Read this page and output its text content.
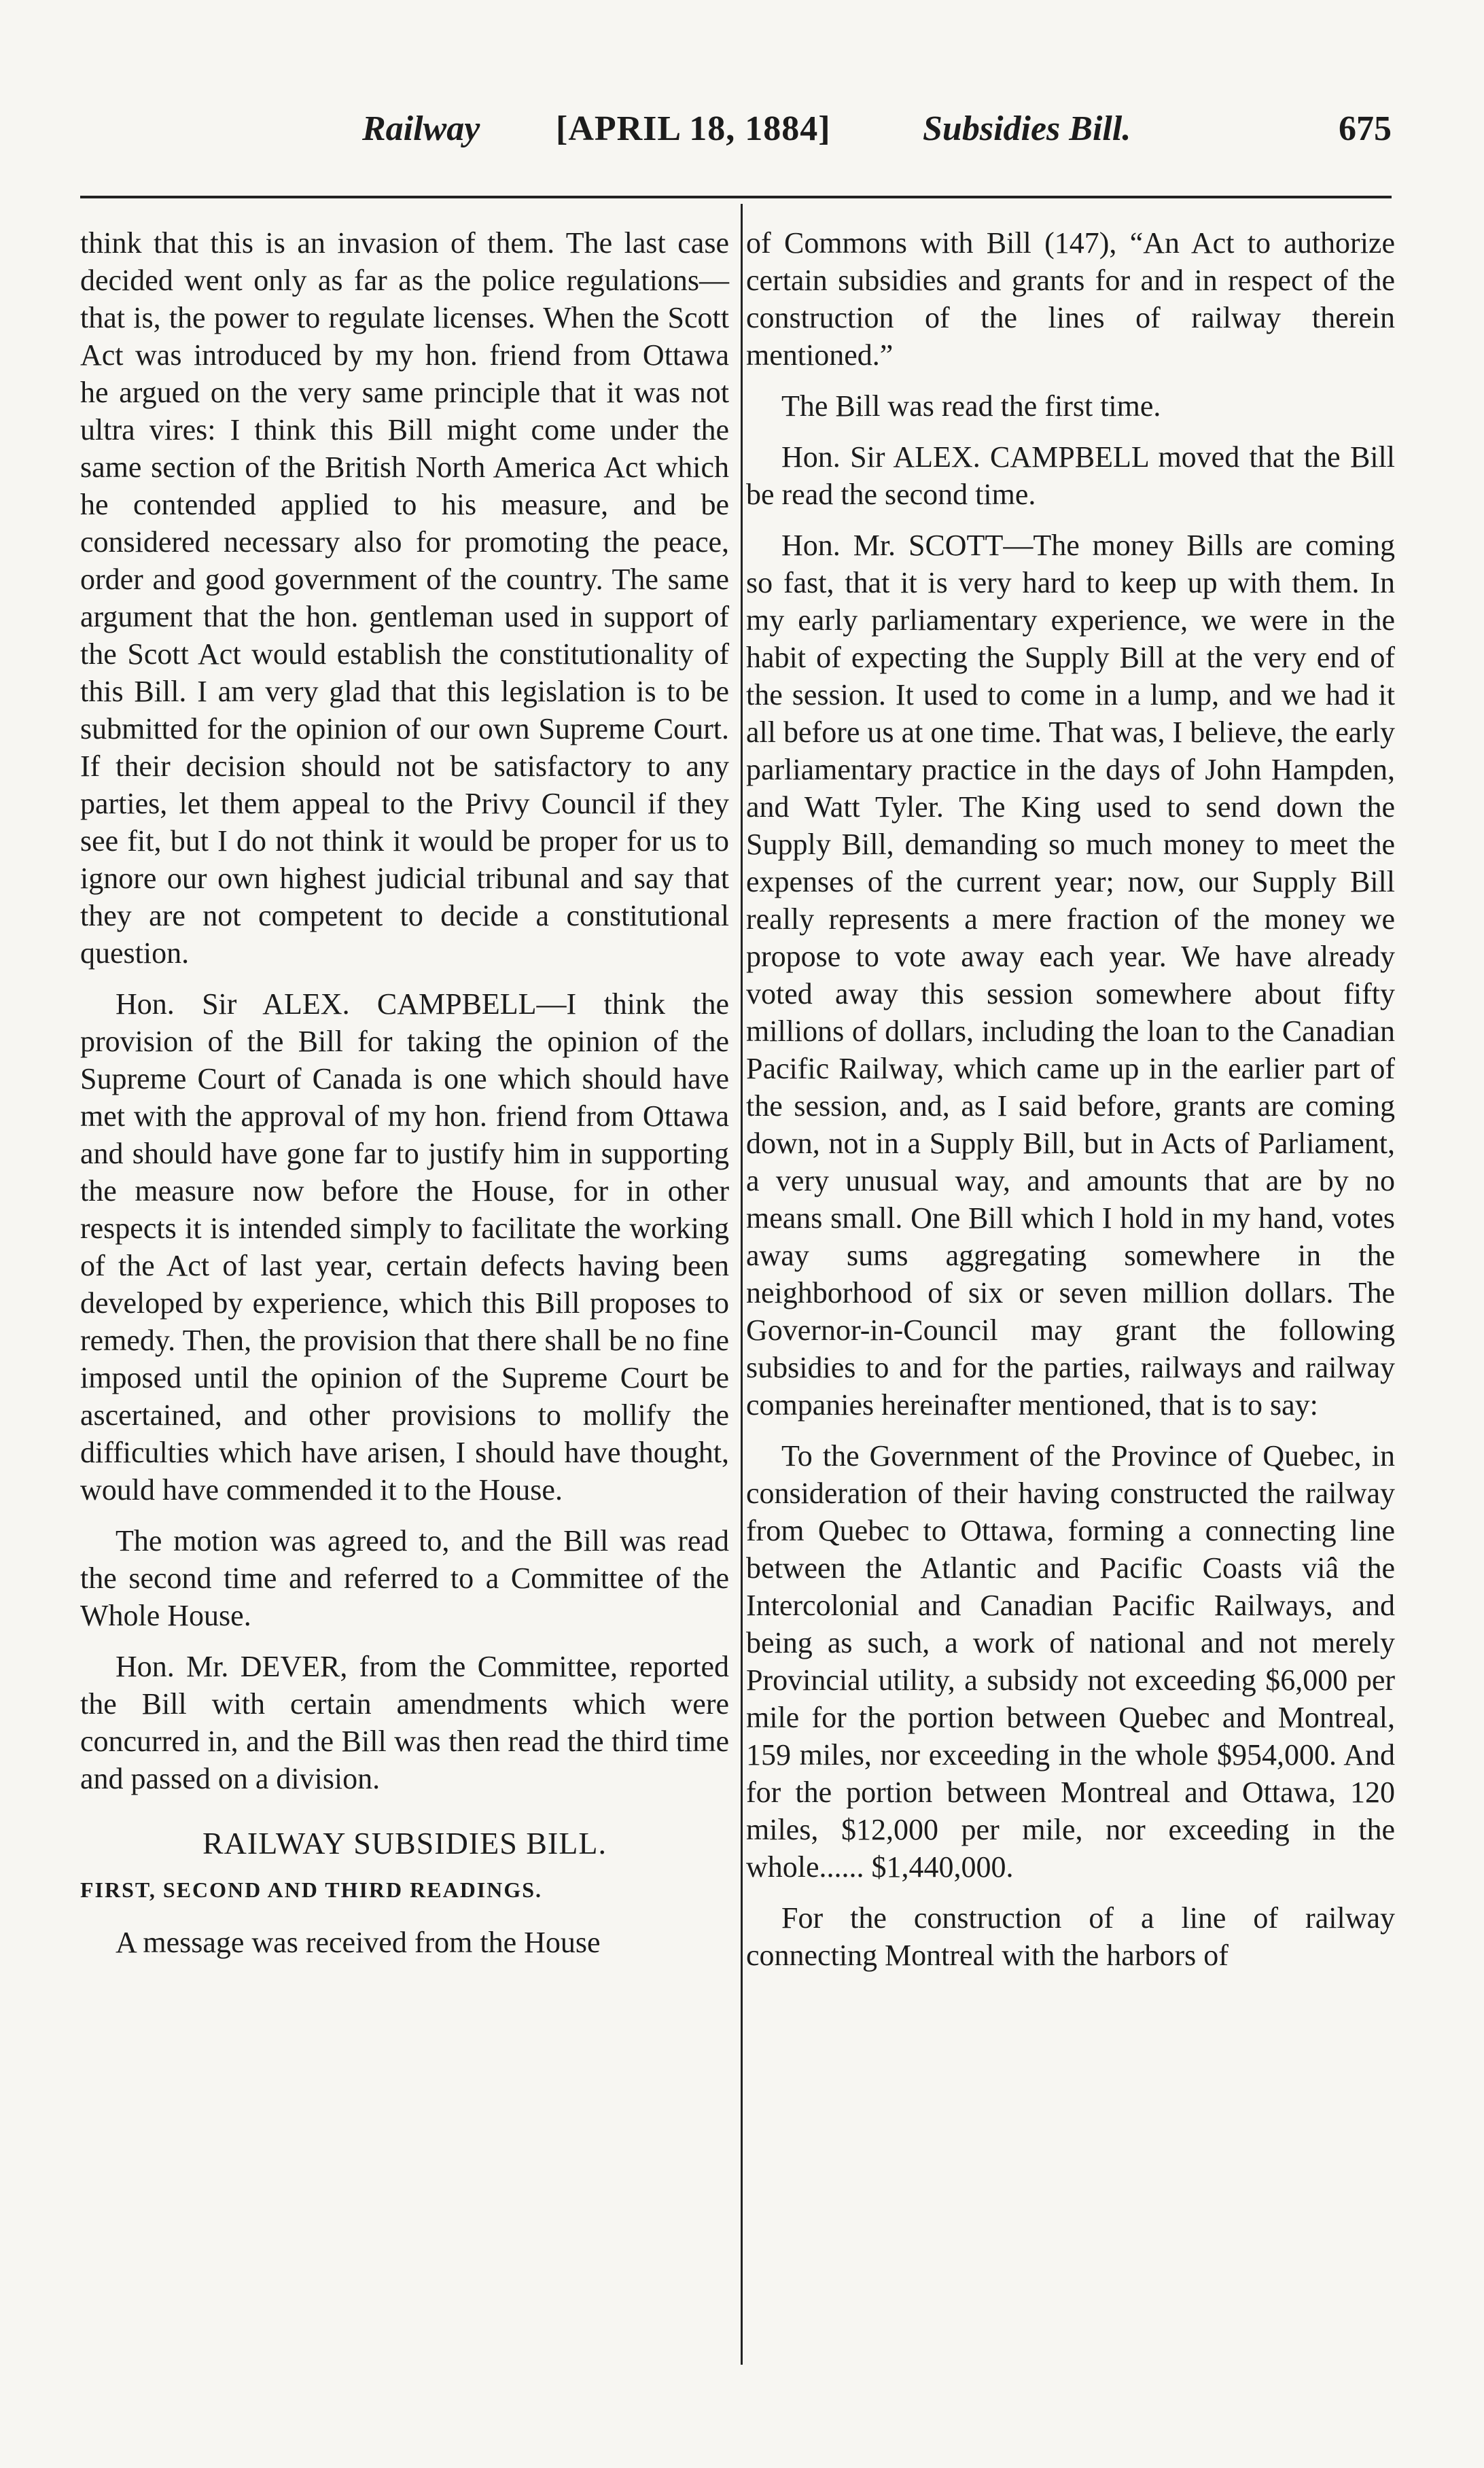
Railway [APRIL 18, 1884]	Subsidies Bill.	675

think that this is an invasion of them. The last case decided went only as far as the police regulations—that is, the power to regulate licenses. When the Scott Act was introduced by my hon. friend from Ottawa he argued on the very same principle that it was not ultra vires: I think this Bill might come under the same section of the British North America Act which he contended applied to his measure, and be considered necessary also for promoting the peace, order and good government of the country. The same argument that the hon. gentleman used in support of the Scott Act would establish the constitutionality of this Bill. I am very glad that this legislation is to be submitted for the opinion of our own Supreme Court. If their decision should not be satisfactory to any parties, let them appeal to the Privy Council if they see fit, but I do not think it would be proper for us to ignore our own highest judicial tribunal and say that they are not competent to decide a constitutional question.

Hon. Sir ALEX. CAMPBELL—I think the provision of the Bill for taking the opinion of the Supreme Court of Canada is one which should have met with the approval of my hon. friend from Ottawa and should have gone far to justify him in supporting the measure now before the House, for in other respects it is intended simply to facilitate the working of the Act of last year, certain defects having been developed by experience, which this Bill proposes to remedy. Then, the provision that there shall be no fine imposed until the opinion of the Supreme Court be ascertained, and other provisions to mollify the difficulties which have arisen, I should have thought, would have commended it to the House.

The motion was agreed to, and the Bill was read the second time and referred to a Committee of the Whole House.

Hon. Mr. DEVER, from the Committee, reported the Bill with certain amendments which were concurred in, and the Bill was then read the third time and passed on a division.

RAILWAY SUBSIDIES BILL.
FIRST, SECOND AND THIRD READINGS.

A message was received from the House

of Commons with Bill (147), “An Act to authorize certain subsidies and grants for and in respect of the construction of the lines of railway therein mentioned.”

The Bill was read the first time.

Hon. Sir ALEX. CAMPBELL moved that the Bill be read the second time.

Hon. Mr. SCOTT—The money Bills are coming so fast, that it is very hard to keep up with them. In my early parliamentary experience, we were in the habit of expecting the Supply Bill at the very end of the session. It used to come in a lump, and we had it all before us at one time. That was, I believe, the early parliamentary practice in the days of John Hampden, and Watt Tyler. The King used to send down the Supply Bill, demanding so much money to meet the expenses of the current year; now, our Supply Bill really represents a mere fraction of the money we propose to vote away each year. We have already voted away this session somewhere about fifty millions of dollars, including the loan to the Canadian Pacific Railway, which came up in the earlier part of the session, and, as I said before, grants are coming down, not in a Supply Bill, but in Acts of Parliament, a very unusual way, and amounts that are by no means small. One Bill which I hold in my hand, votes away sums aggregating somewhere in the neighborhood of six or seven million dollars. The Governor-in-Council may grant the following subsidies to and for the parties, railways and railway companies hereinafter mentioned, that is to say:

To the Government of the Province of Quebec, in consideration of their having constructed the railway from Quebec to Ottawa, forming a connecting line between the Atlantic and Pacific Coasts viâ the Intercolonial and Canadian Pacific Railways, and being as such, a work of national and not merely Provincial utility, a subsidy not exceeding $6,000 per mile for the portion between Quebec and Montreal, 159 miles, nor exceeding in the whole $954,000. And for the portion between Montreal and Ottawa, 120 miles, $12,000 per mile, nor exceeding in the whole...... $1,440,000.

For the construction of a line of railway connecting Montreal with the harbors of
